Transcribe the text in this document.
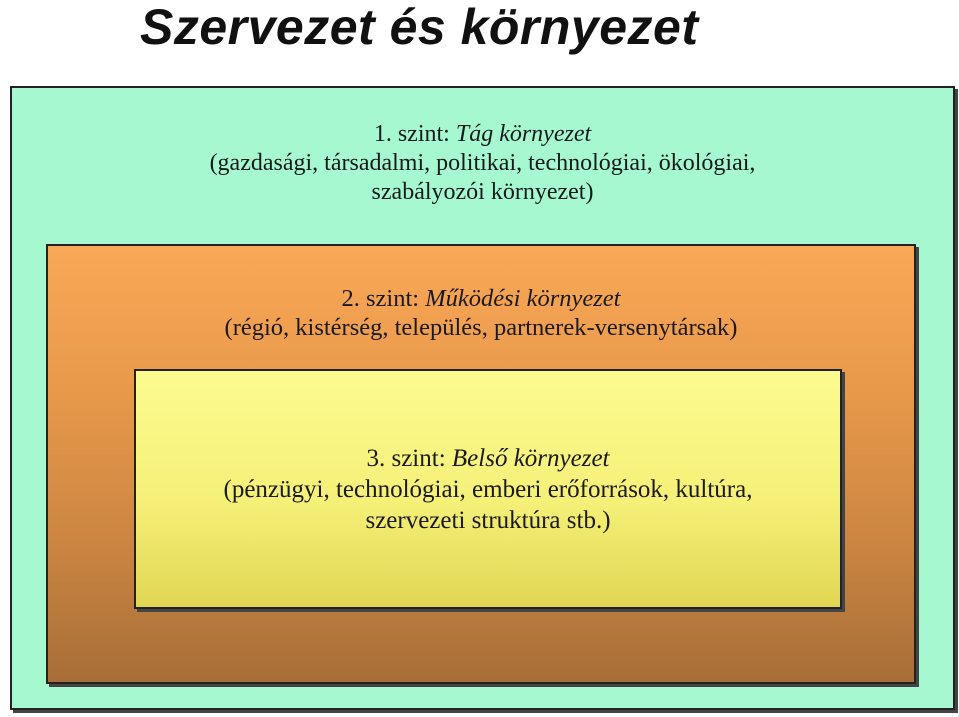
Szervezet és környezet
1. szint: Tág környezet
(gazdasági, társadalmi, politikai, technológiai, ökológiai,
szabályozói környezet)
2. szint: Működési környezet
(régió, kistérség, település, partnerek-versenytársak)
3. szint: Belső környezet
(pénzügyi, technológiai, emberi erőforrások, kultúra,
szervezeti struktúra stb.)
